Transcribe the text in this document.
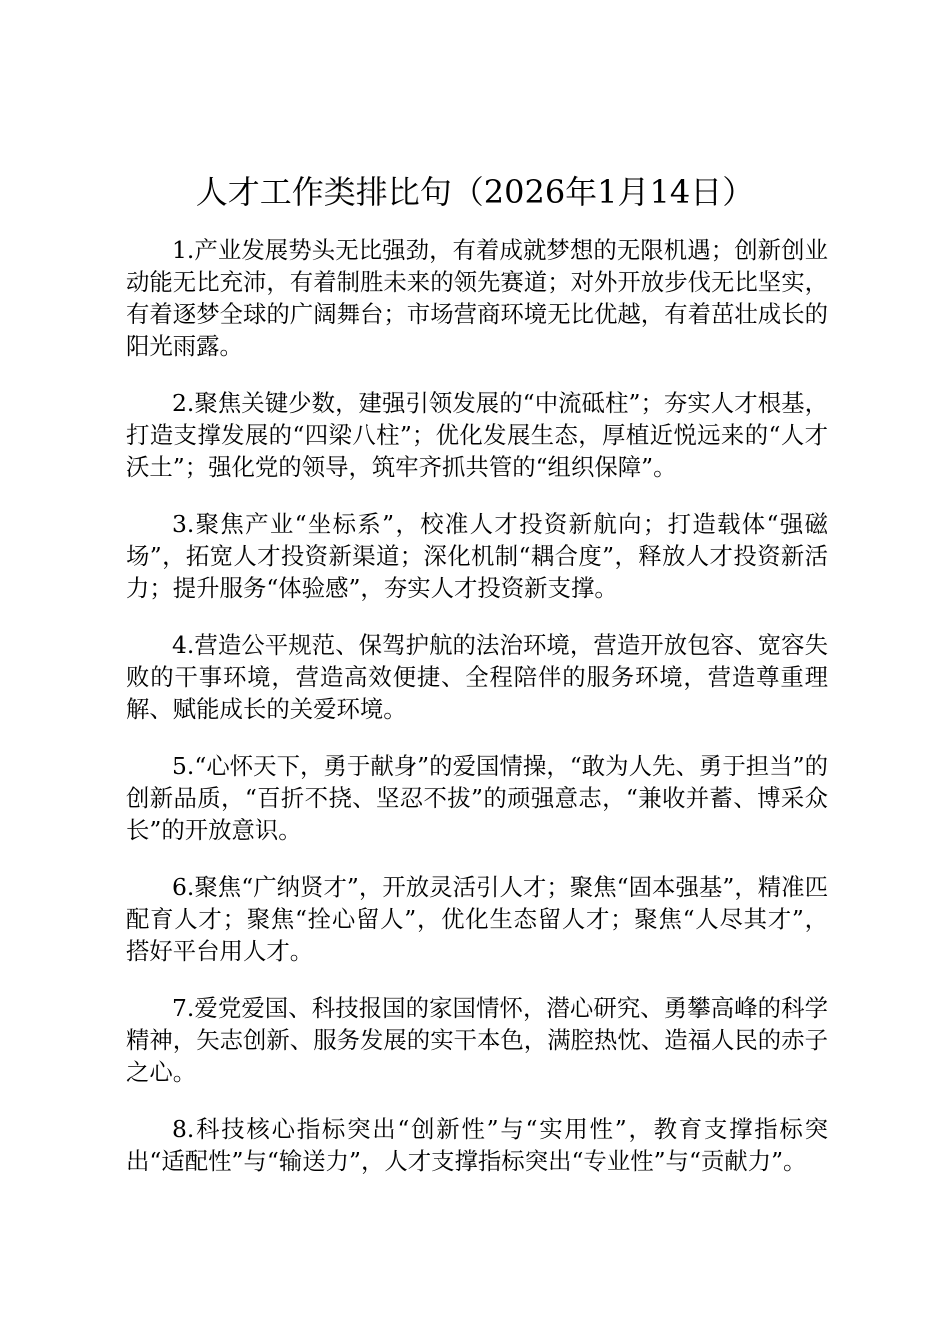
人才工作类排比句（2026年1月14日）

1.产业发展势头无比强劲，有着成就梦想的无限机遇；创新创业动能无比充沛，有着制胜未来的领先赛道；对外开放步伐无比坚实，有着逐梦全球的广阔舞台；市场营商环境无比优越，有着茁壮成长的阳光雨露。

2.聚焦关键少数，建强引领发展的“中流砥柱”；夯实人才根基，打造支撑发展的“四梁八柱”；优化发展生态，厚植近悦远来的“人才沃土”；强化党的领导，筑牢齐抓共管的“组织保障”。

3.聚焦产业“坐标系”，校准人才投资新航向；打造载体“强磁场”，拓宽人才投资新渠道；深化机制“耦合度”，释放人才投资新活力；提升服务“体验感”，夯实人才投资新支撑。

4.营造公平规范、保驾护航的法治环境，营造开放包容、宽容失败的干事环境，营造高效便捷、全程陪伴的服务环境，营造尊重理解、赋能成长的关爱环境。

5.“心怀天下，勇于献身”的爱国情操，“敢为人先、勇于担当”的创新品质，“百折不挠、坚忍不拔”的顽强意志，“兼收并蓄、博采众长”的开放意识。

6.聚焦“广纳贤才”，开放灵活引人才；聚焦“固本强基”，精准匹配育人才；聚焦“拴心留人”，优化生态留人才；聚焦“人尽其才”，搭好平台用人才。

7.爱党爱国、科技报国的家国情怀，潜心研究、勇攀高峰的科学精神，矢志创新、服务发展的实干本色，满腔热忱、造福人民的赤子之心。

8.科技核心指标突出“创新性”与“实用性”，教育支撑指标突出“适配性”与“输送力”，人才支撑指标突出“专业性”与“贡献力”。
